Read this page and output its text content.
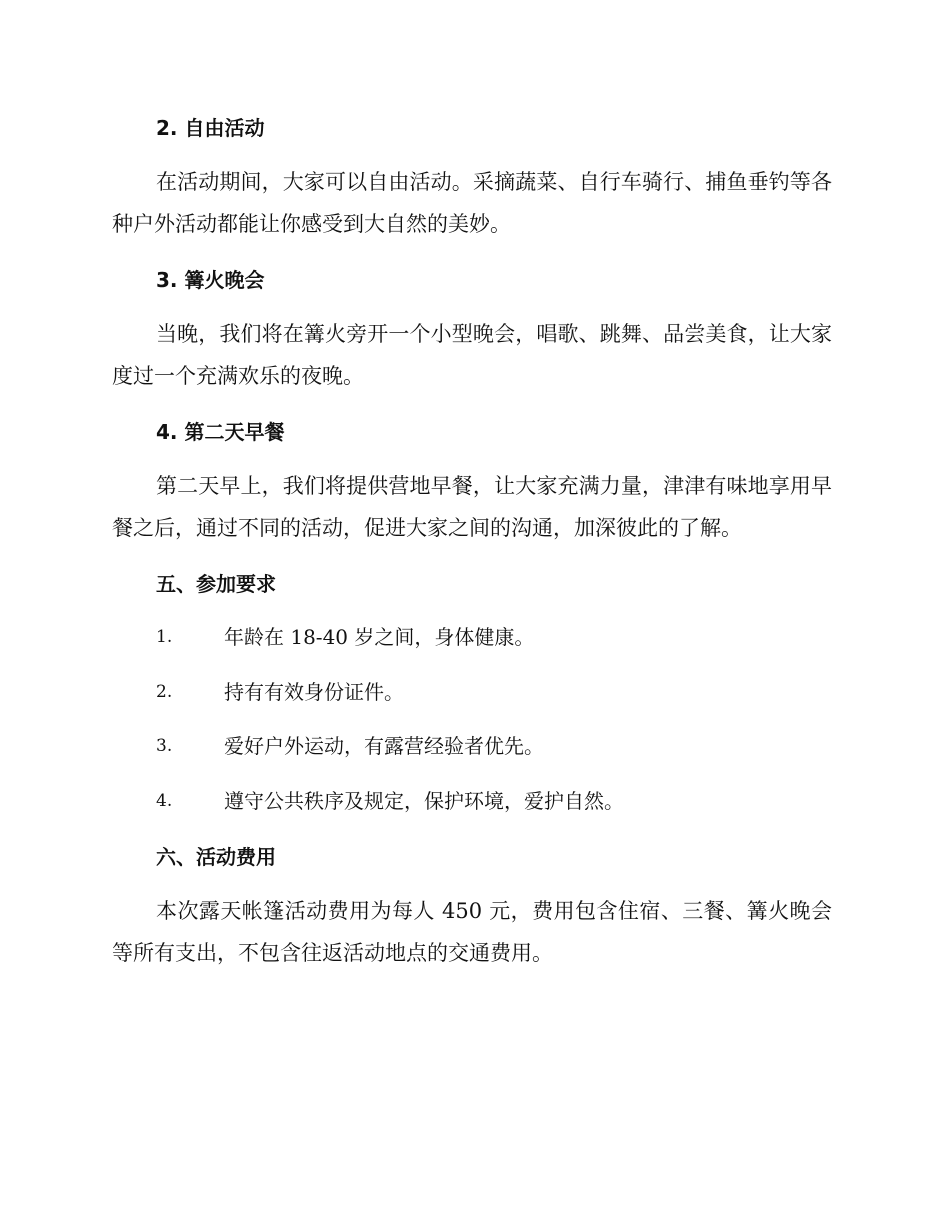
2. 自由活动

在活动期间，大家可以自由活动。采摘蔬菜、自行车骑行、捕鱼垂钓等各种户外活动都能让你感受到大自然的美妙。

3. 篝火晚会

当晚，我们将在篝火旁开一个小型晚会，唱歌、跳舞、品尝美食，让大家度过一个充满欢乐的夜晚。

4. 第二天早餐

第二天早上，我们将提供营地早餐，让大家充满力量，津津有味地享用早餐之后，通过不同的活动，促进大家之间的沟通，加深彼此的了解。

五、参加要求
1.	年龄在 18-40 岁之间，身体健康。
2.	持有有效身份证件。
3.	爱好户外运动，有露营经验者优先。
4.	遵守公共秩序及规定，保护环境，爱护自然。
六、活动费用

本次露天帐篷活动费用为每人 450 元，费用包含住宿、三餐、篝火晚会等所有支出，不包含往返活动地点的交通费用。
